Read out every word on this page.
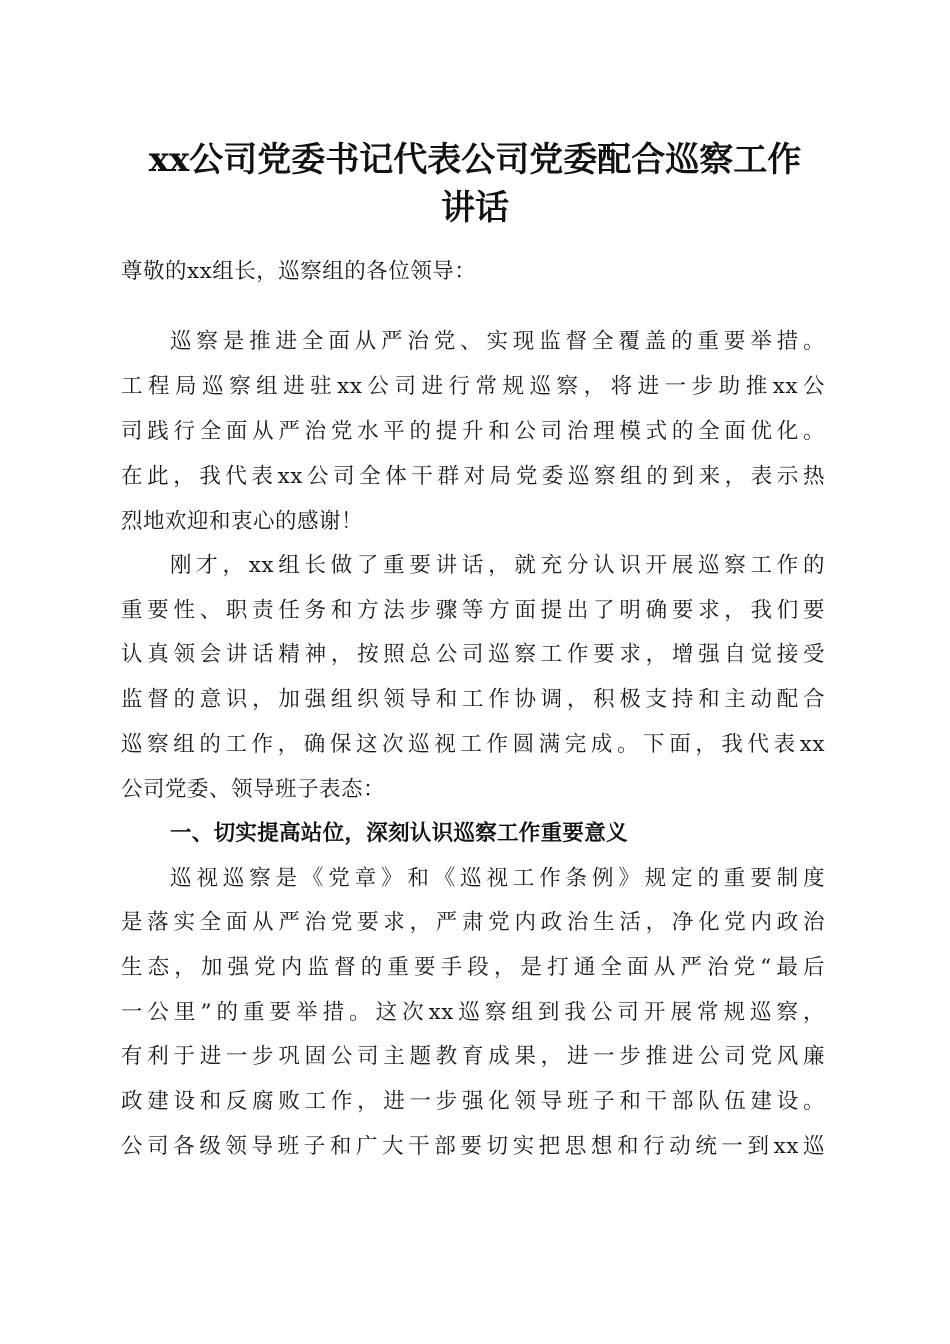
xx公司党委书记代表公司党委配合巡察工作
讲话
尊敬的xx组长，巡察组的各位领导：
巡察是推进全面从严治党、实现监督全覆盖的重要举措。
工程局巡察组进驻xx公司进行常规巡察，将进一步助推xx公
司践行全面从严治党水平的提升和公司治理模式的全面优化。
在此，我代表xx公司全体干群对局党委巡察组的到来，表示热
烈地欢迎和衷心的感谢！
刚才，xx组长做了重要讲话，就充分认识开展巡察工作的
重要性、职责任务和方法步骤等方面提出了明确要求，我们要
认真领会讲话精神，按照总公司巡察工作要求，增强自觉接受
监督的意识，加强组织领导和工作协调，积极支持和主动配合
巡察组的工作，确保这次巡视工作圆满完成。下面，我代表xx
公司党委、领导班子表态：
一、切实提高站位，深刻认识巡察工作重要意义
巡视巡察是《党章》和《巡视工作条例》规定的重要制度
是落实全面从严治党要求，严肃党内政治生活，净化党内政治
生态，加强党内监督的重要手段，是打通全面从严治党“最后
一公里”的重要举措。这次xx巡察组到我公司开展常规巡察，
有利于进一步巩固公司主题教育成果，进一步推进公司党风廉
政建设和反腐败工作，进一步强化领导班子和干部队伍建设。
公司各级领导班子和广大干部要切实把思想和行动统一到xx巡
